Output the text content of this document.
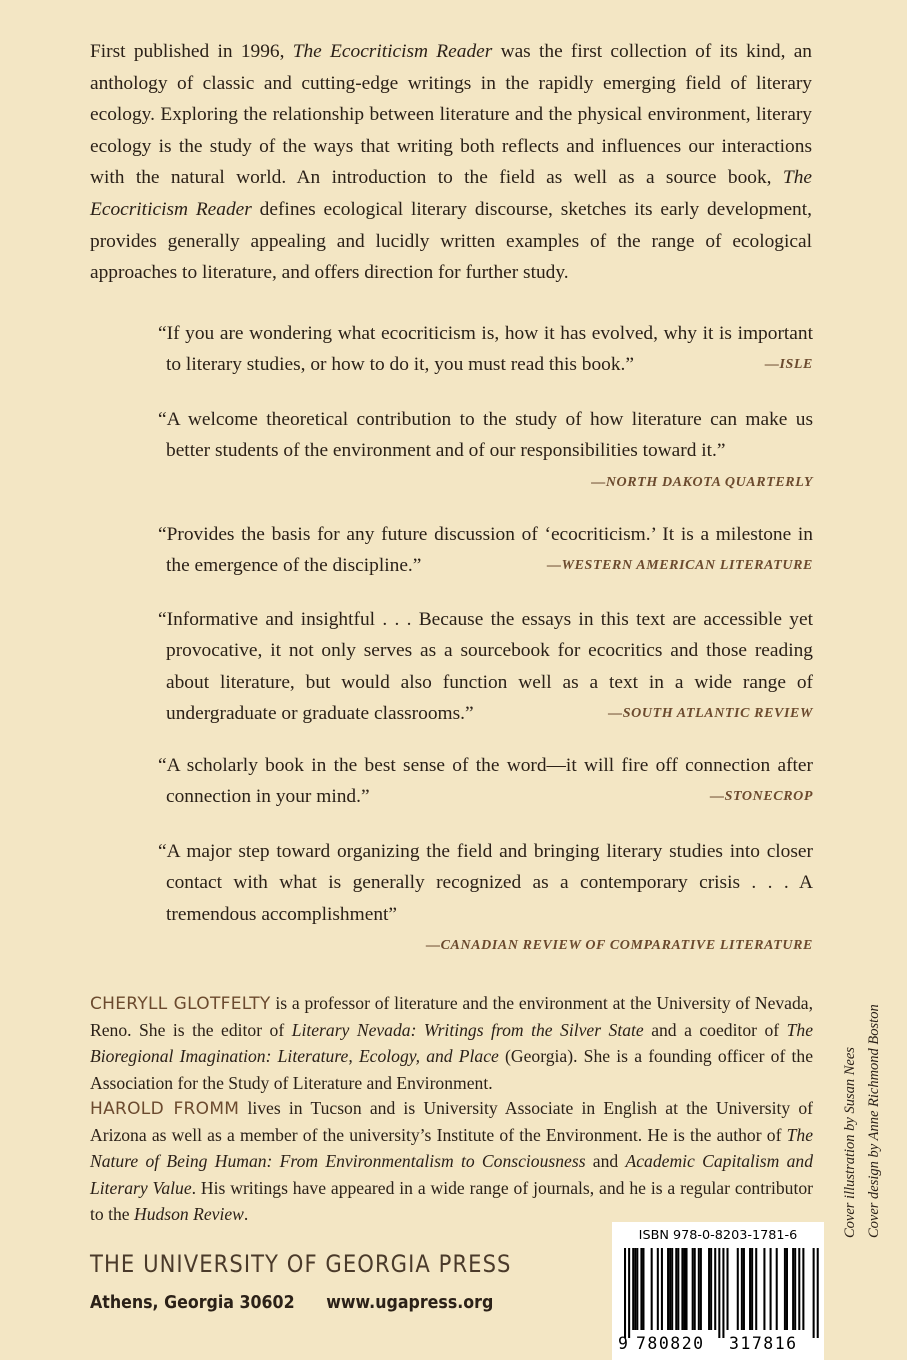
First published in 1996, The Ecocriticism Reader was the first collection of its kind, an anthology of classic and cutting-edge writings in the rapidly emerging field of literary ecology. Exploring the relationship between literature and the physical environment, literary ecology is the study of the ways that writing both reflects and influences our interactions with the natural world. An introduction to the field as well as a source book, The Ecocriticism Reader defines ecological literary discourse, sketches its early development, provides generally appealing and lucidly written examples of the range of ecological approaches to literature, and offers direction for further study.

“If you are wondering what ecocriticism is, how it has evolved, why it is important to literary studies, or how to do it, you must read this book.”	—ISLE

“A welcome theoretical contribution to the study of how literature can make us better students of the environment and of our responsibilities toward it.”
—NORTH DAKOTA QUARTERLY

“Provides the basis for any future discussion of ‘ecocriticism.’ It is a milestone in the emergence of the discipline.”	—WESTERN AMERICAN LITERATURE

“Informative and insightful . . . Because the essays in this text are accessible yet provocative, it not only serves as a sourcebook for ecocritics and those reading about literature, but would also function well as a text in a wide range of undergraduate or graduate classrooms.”	—SOUTH ATLANTIC REVIEW

“A scholarly book in the best sense of the word—it will fire off connection after connection in your mind.”	—STONECROP

“A major step toward organizing the field and bringing literary studies into closer contact with what is generally recognized as a contemporary crisis . . . A tremendous accomplishment”
—CANADIAN REVIEW OF COMPARATIVE LITERATURE

CHERYLL GLOTFELTY is a professor of literature and the environment at the University of Nevada, Reno. She is the editor of Literary Nevada: Writings from the Silver State and a coeditor of The Bioregional Imagination: Literature, Ecology, and Place (Georgia). She is a founding officer of the Association for the Study of Literature and Environment.

HAROLD FROMM lives in Tucson and is University Associate in English at the University of Arizona as well as a member of the university’s Institute of the Environment. He is the author of The Nature of Being Human: From Environmentalism to Consciousness and Academic Capitalism and Literary Value. His writings have appeared in a wide range of journals, and he is a regular contributor to the Hudson Review.

THE UNIVERSITY OF GEORGIA PRESS
Athens, Georgia 30602 www.ugapress.org
Cover illustration by Susan Nees Cover design by Anne Richmond Boston
ISBN 978-0-8203-1781-6
9 780820 317816
